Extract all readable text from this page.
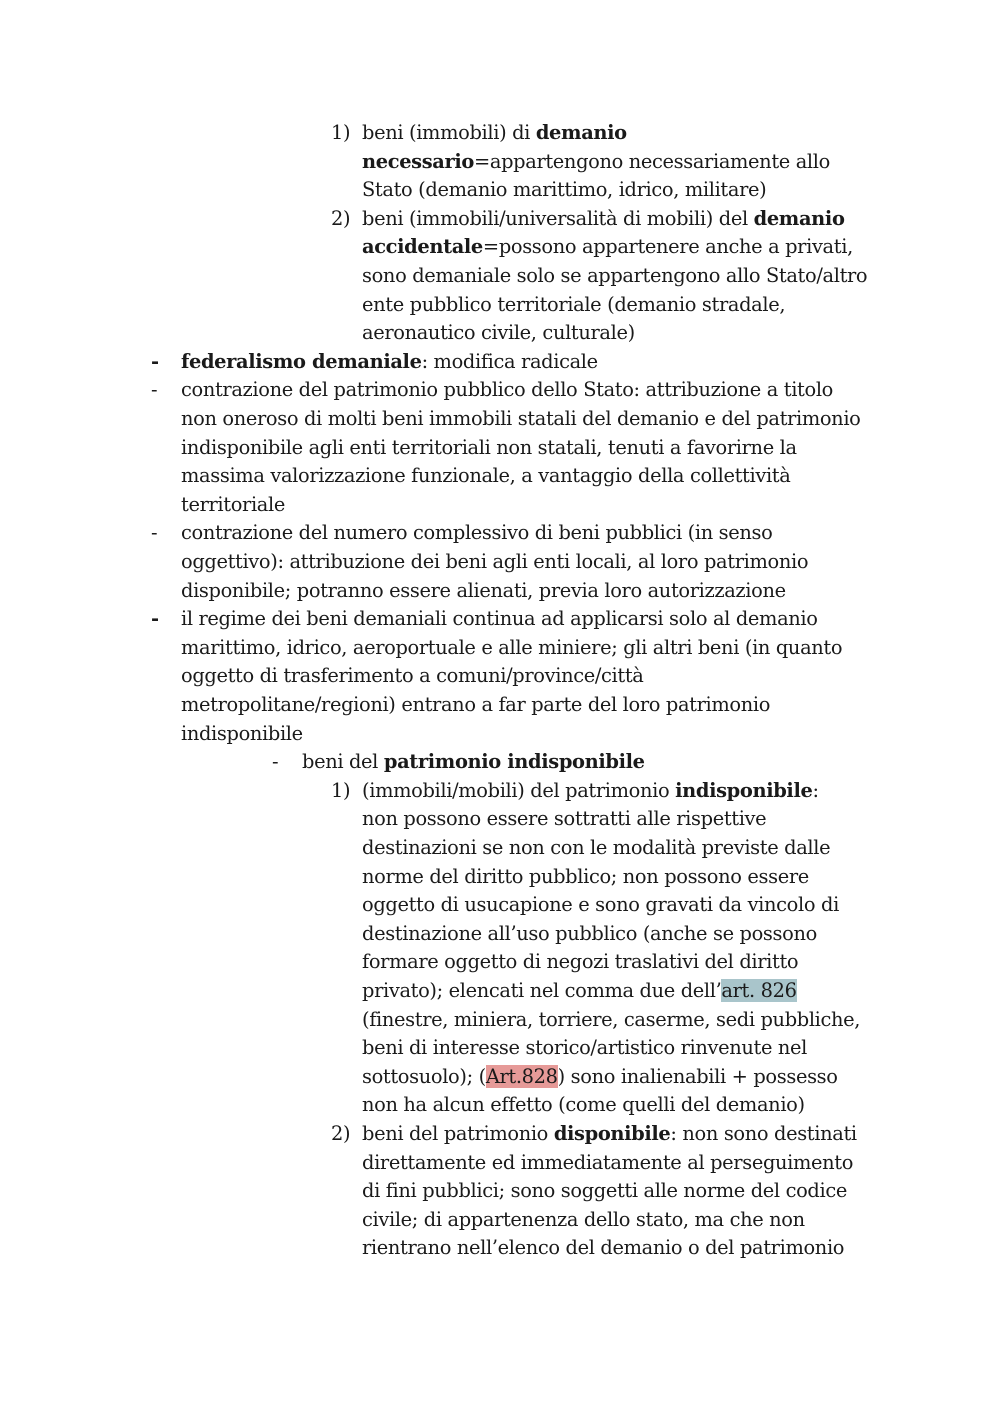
1) beni (immobili) di demanio
necessario=appartengono necessariamente allo
Stato (demanio marittimo, idrico, militare)
2) beni (immobili/universalità di mobili) del demanio
accidentale=possono appartenere anche a privati,
sono demaniale solo se appartengono allo Stato/altro
ente pubblico territoriale (demanio stradale,
aeronautico civile, culturale)
- federalismo demaniale: modifica radicale
- contrazione del patrimonio pubblico dello Stato: attribuzione a titolo
non oneroso di molti beni immobili statali del demanio e del patrimonio
indisponibile agli enti territoriali non statali, tenuti a favorirne la
massima valorizzazione funzionale, a vantaggio della collettività
territoriale
- contrazione del numero complessivo di beni pubblici (in senso
oggettivo): attribuzione dei beni agli enti locali, al loro patrimonio
disponibile; potranno essere alienati, previa loro autorizzazione
- il regime dei beni demaniali continua ad applicarsi solo al demanio
marittimo, idrico, aeroportuale e alle miniere; gli altri beni (in quanto
oggetto di trasferimento a comuni/province/città
metropolitane/regioni) entrano a far parte del loro patrimonio
indisponibile
- beni del patrimonio indisponibile
1) (immobili/mobili) del patrimonio indisponibile:
non possono essere sottratti alle rispettive
destinazioni se non con le modalità previste dalle
norme del diritto pubblico; non possono essere
oggetto di usucapione e sono gravati da vincolo di
destinazione all’uso pubblico (anche se possono
formare oggetto di negozi traslativi del diritto
privato); elencati nel comma due dell’art. 826
(finestre, miniera, torriere, caserme, sedi pubbliche,
beni di interesse storico/artistico rinvenute nel
sottosuolo); (Art.828) sono inalienabili + possesso
non ha alcun effetto (come quelli del demanio)
2) beni del patrimonio disponibile: non sono destinati
direttamente ed immediatamente al perseguimento
di fini pubblici; sono soggetti alle norme del codice
civile; di appartenenza dello stato, ma che non
rientrano nell’elenco del demanio o del patrimonio
